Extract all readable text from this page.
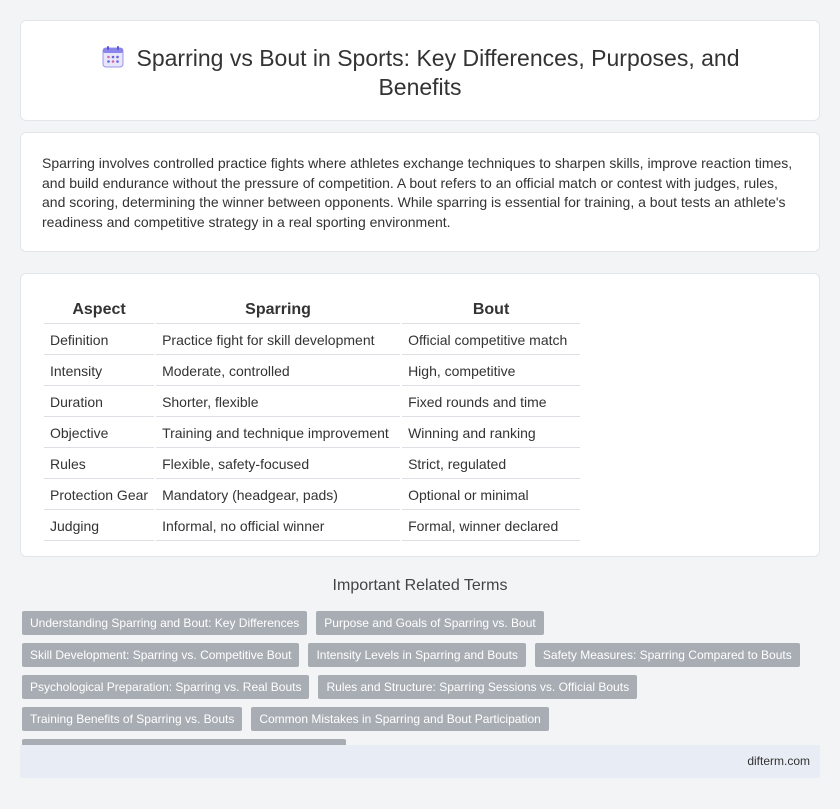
Sparring vs Bout in Sports: Key Differences, Purposes, and Benefits

Sparring involves controlled practice fights where athletes exchange techniques to sharpen skills, improve reaction times, and build endurance without the pressure of competition. A bout refers to an official match or contest with judges, rules, and scoring, determining the winner between opponents. While sparring is essential for training, a bout tests an athlete's readiness and competitive strategy in a real sporting environment.

Aspect	Sparring	Bout
Definition	Practice fight for skill development	Official competitive match
Intensity	Moderate, controlled	High, competitive
Duration	Shorter, flexible	Fixed rounds and time
Objective	Training and technique improvement	Winning and ranking
Rules	Flexible, safety-focused	Strict, regulated
Protection Gear	Mandatory (headgear, pads)	Optional or minimal
Judging	Informal, no official winner	Formal, winner declared
Important Related Terms
Understanding Sparring and Bout: Key Differences	Purpose and Goals of Sparring vs. Bout
Skill Development: Sparring vs. Competitive Bout	Intensity Levels in Sparring and Bouts	Safety Measures: Sparring Compared to Bouts
Psychological Preparation: Sparring vs. Real Bouts	Rules and Structure: Sparring Sessions vs. Official Bouts
Training Benefits of Sparring vs. Bouts	Common Mistakes in Sparring and Bout Participation
difterm.com
